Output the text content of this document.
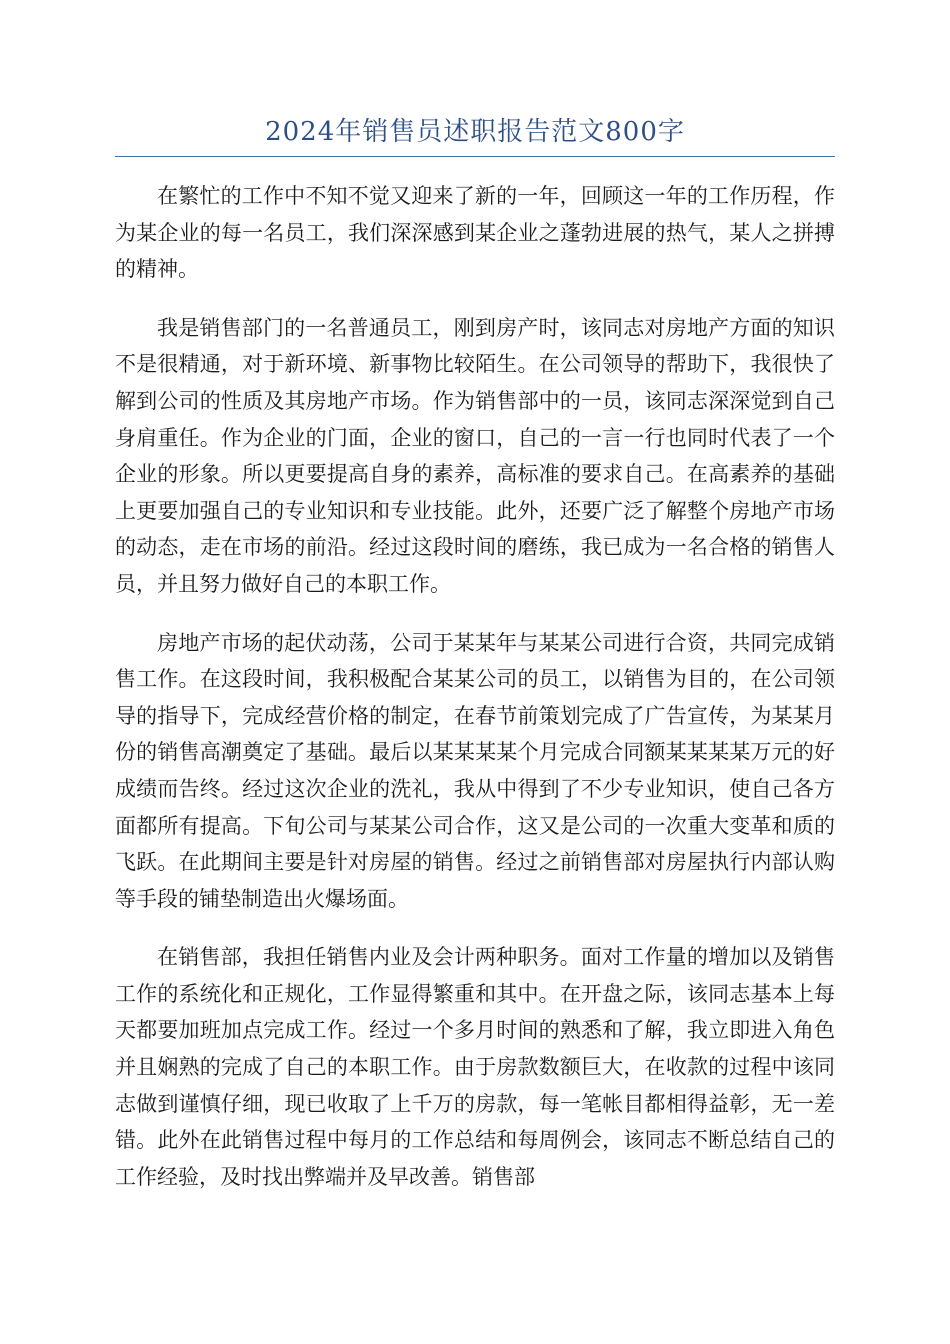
2024年销售员述职报告范文800字

在繁忙的工作中不知不觉又迎来了新的一年，回顾这一年的工作历程，作为某企业的每一名员工，我们深深感到某企业之蓬勃进展的热气，某人之拼搏的精神。

我是销售部门的一名普通员工，刚到房产时，该同志对房地产方面的知识不是很精通，对于新环境、新事物比较陌生。在公司领导的帮助下，我很快了解到公司的性质及其房地产市场。作为销售部中的一员，该同志深深觉到自己身肩重任。作为企业的门面，企业的窗口，自己的一言一行也同时代表了一个企业的形象。所以更要提高自身的素养，高标准的要求自己。在高素养的基础上更要加强自己的专业知识和专业技能。此外，还要广泛了解整个房地产市场的动态，走在市场的前沿。经过这段时间的磨练，我已成为一名合格的销售人员，并且努力做好自己的本职工作。

房地产市场的起伏动荡，公司于某某年与某某公司进行合资，共同完成销售工作。在这段时间，我积极配合某某公司的员工，以销售为目的，在公司领导的指导下，完成经营价格的制定，在春节前策划完成了广告宣传，为某某月份的销售高潮奠定了基础。最后以某某某某个月完成合同额某某某某万元的好成绩而告终。经过这次企业的洗礼，我从中得到了不少专业知识，使自己各方面都所有提高。下旬公司与某某公司合作，这又是公司的一次重大变革和质的飞跃。在此期间主要是针对房屋的销售。经过之前销售部对房屋执行内部认购等手段的铺垫制造出火爆场面。

在销售部，我担任销售内业及会计两种职务。面对工作量的增加以及销售工作的系统化和正规化，工作显得繁重和其中。在开盘之际，该同志基本上每天都要加班加点完成工作。经过一个多月时间的熟悉和了解，我立即进入角色并且娴熟的完成了自己的本职工作。由于房款数额巨大，在收款的过程中该同志做到谨慎仔细，现已收取了上千万的房款，每一笔帐目都相得益彰，无一差错。此外在此销售过程中每月的工作总结和每周例会，该同志不断总结自己的工作经验，及时找出弊端并及早改善。销售部
